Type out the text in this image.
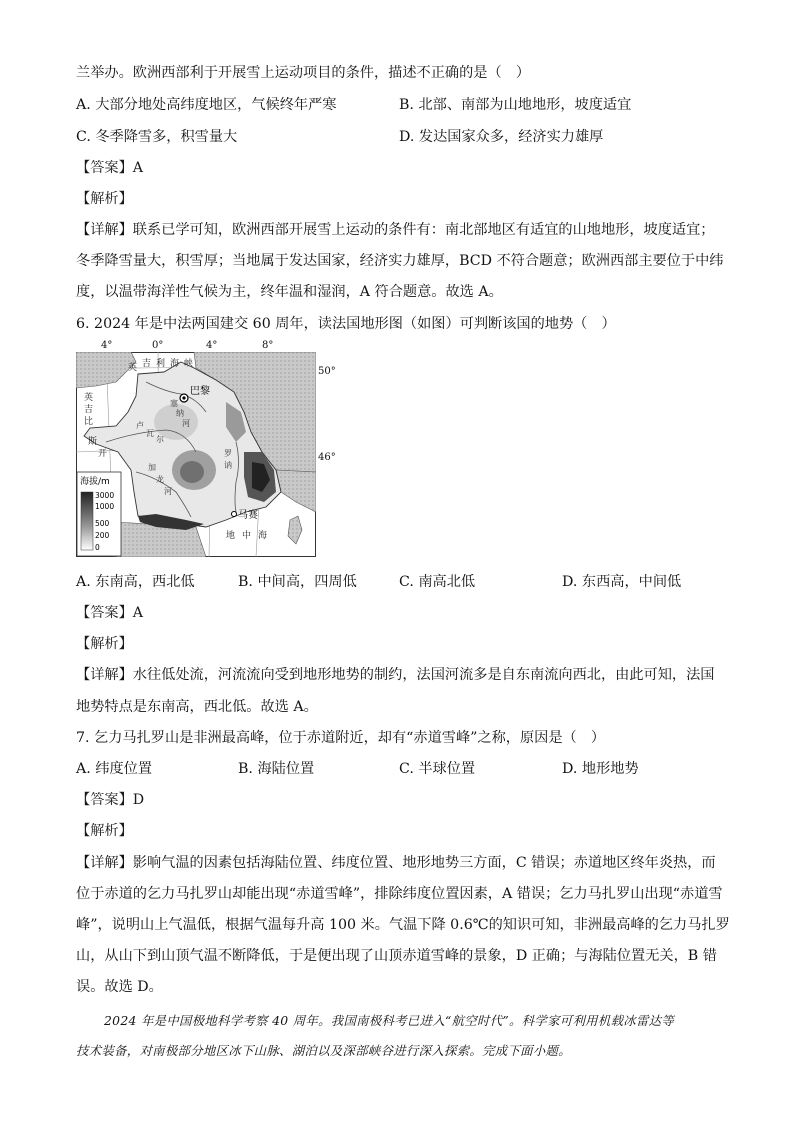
兰举办。欧洲西部利于开展雪上运动项目的条件，描述不正确的是（　）
A. 大部分地处高纬度地区，气候终年严寒	B. 北部、南部为山地地形，坡度适宜
C. 冬季降雪多，积雪量大	D. 发达国家众多，经济实力雄厚
【答案】A
【解析】
【详解】联系已学可知，欧洲西部开展雪上运动的条件有：南北部地区有适宜的山地地形，坡度适宜；
冬季降雪量大，积雪厚；当地属于发达国家，经济实力雄厚，BCD 不符合题意；欧洲西部主要位于中纬
度，以温带海洋性气候为主，终年温和湿润，A 符合题意。故选 A。
6. 2024 年是中法两国建交 60 周年，读法国地形图（如图）可判断该国的地势（　）
巴黎
马赛
英 吉 利 海 峡
英
吉
比
斯
开
地 中 海
塞
纳
河
卢
瓦
尔
罗
讷
加
龙
河
海拔/m
3000
1000
500
200
0
4°	0°	4°	8°
50°
46°
A. 东南高，西北低	B. 中间高，四周低	C. 南高北低	D. 东西高，中间低
【答案】A
【解析】
【详解】水往低处流，河流流向受到地形地势的制约，法国河流多是自东南流向西北，由此可知，法国
地势特点是东南高，西北低。故选 A。
7. 乞力马扎罗山是非洲最高峰，位于赤道附近，却有“赤道雪峰”之称，原因是（　）
A. 纬度位置	B. 海陆位置	C. 半球位置	D. 地形地势
【答案】D
【解析】
【详解】影响气温的因素包括海陆位置、纬度位置、地形地势三方面，C 错误；赤道地区终年炎热，而
位于赤道的乞力马扎罗山却能出现“赤道雪峰”，排除纬度位置因素，A 错误；乞力马扎罗山出现“赤道雪
峰”，说明山上气温低，根据气温每升高 100 米。气温下降 0.6℃的知识可知，非洲最高峰的乞力马扎罗
山，从山下到山顶气温不断降低，于是便出现了山顶赤道雪峰的景象，D 正确；与海陆位置无关，B 错
误。故选 D。
2024 年是中国极地科学考察 40 周年。我国南极科考已进入“航空时代”。科学家可利用机载冰雷达等
技术装备，对南极部分地区冰下山脉、湖泊以及深部峡谷进行深入探索。完成下面小题。
